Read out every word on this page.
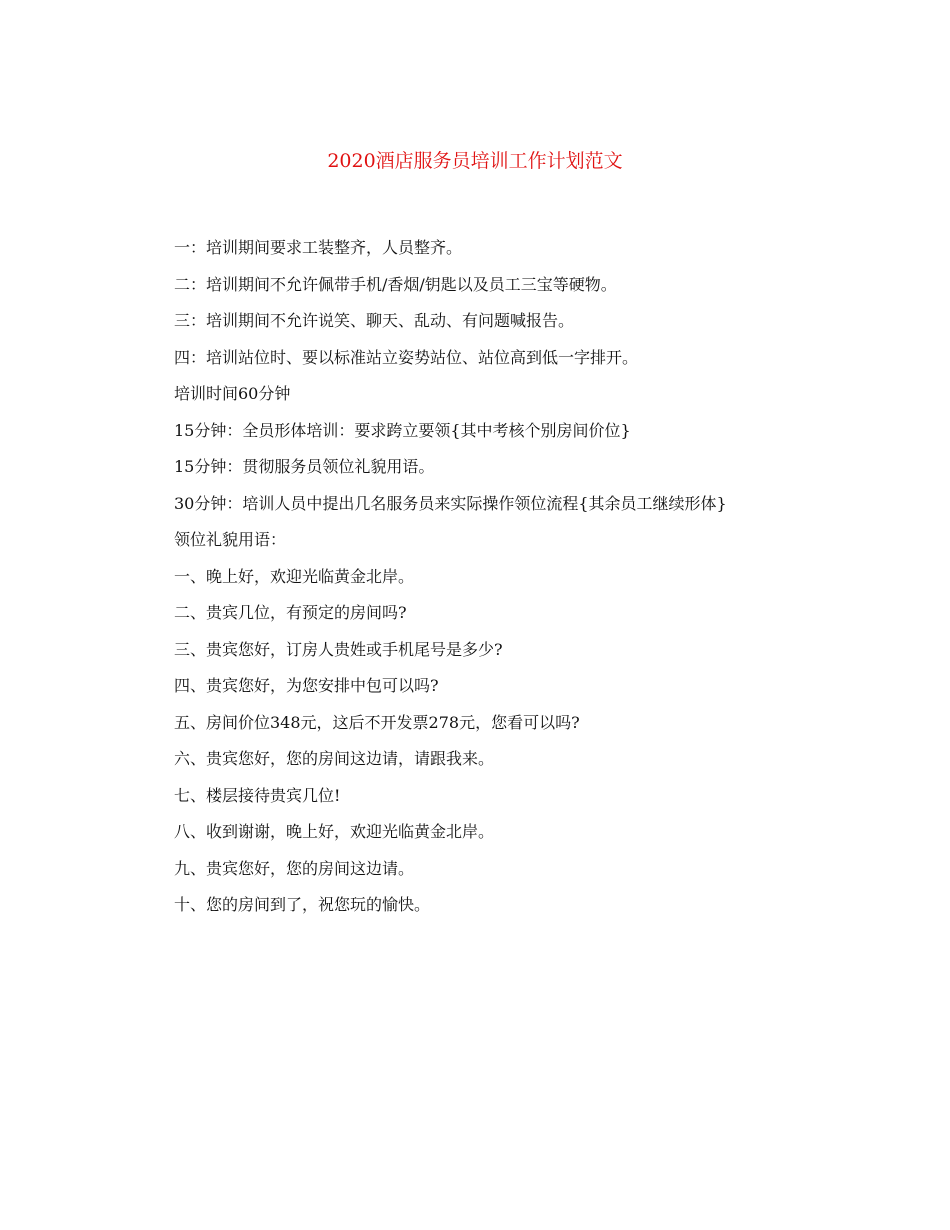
2020酒店服务员培训工作计划范文

一：培训期间要求工装整齐，人员整齐。

二：培训期间不允许佩带手机/香烟/钥匙以及员工三宝等硬物。

三：培训期间不允许说笑、聊天、乱动、有问题喊报告。

四：培训站位时、要以标准站立姿势站位、站位高到低一字排开。

培训时间60分钟

15分钟：全员形体培训：要求跨立要领{其中考核个别房间价位}

15分钟：贯彻服务员领位礼貌用语。

30分钟：培训人员中提出几名服务员来实际操作领位流程{其余员工继续形体}

领位礼貌用语：

一、晚上好，欢迎光临黄金北岸。

二、贵宾几位，有预定的房间吗?

三、贵宾您好，订房人贵姓或手机尾号是多少?

四、贵宾您好，为您安排中包可以吗?

五、房间价位348元，这后不开发票278元，您看可以吗?

六、贵宾您好，您的房间这边请，请跟我来。

七、楼层接待贵宾几位!

八、收到谢谢，晚上好，欢迎光临黄金北岸。

九、贵宾您好，您的房间这边请。

十、您的房间到了，祝您玩的愉快。
